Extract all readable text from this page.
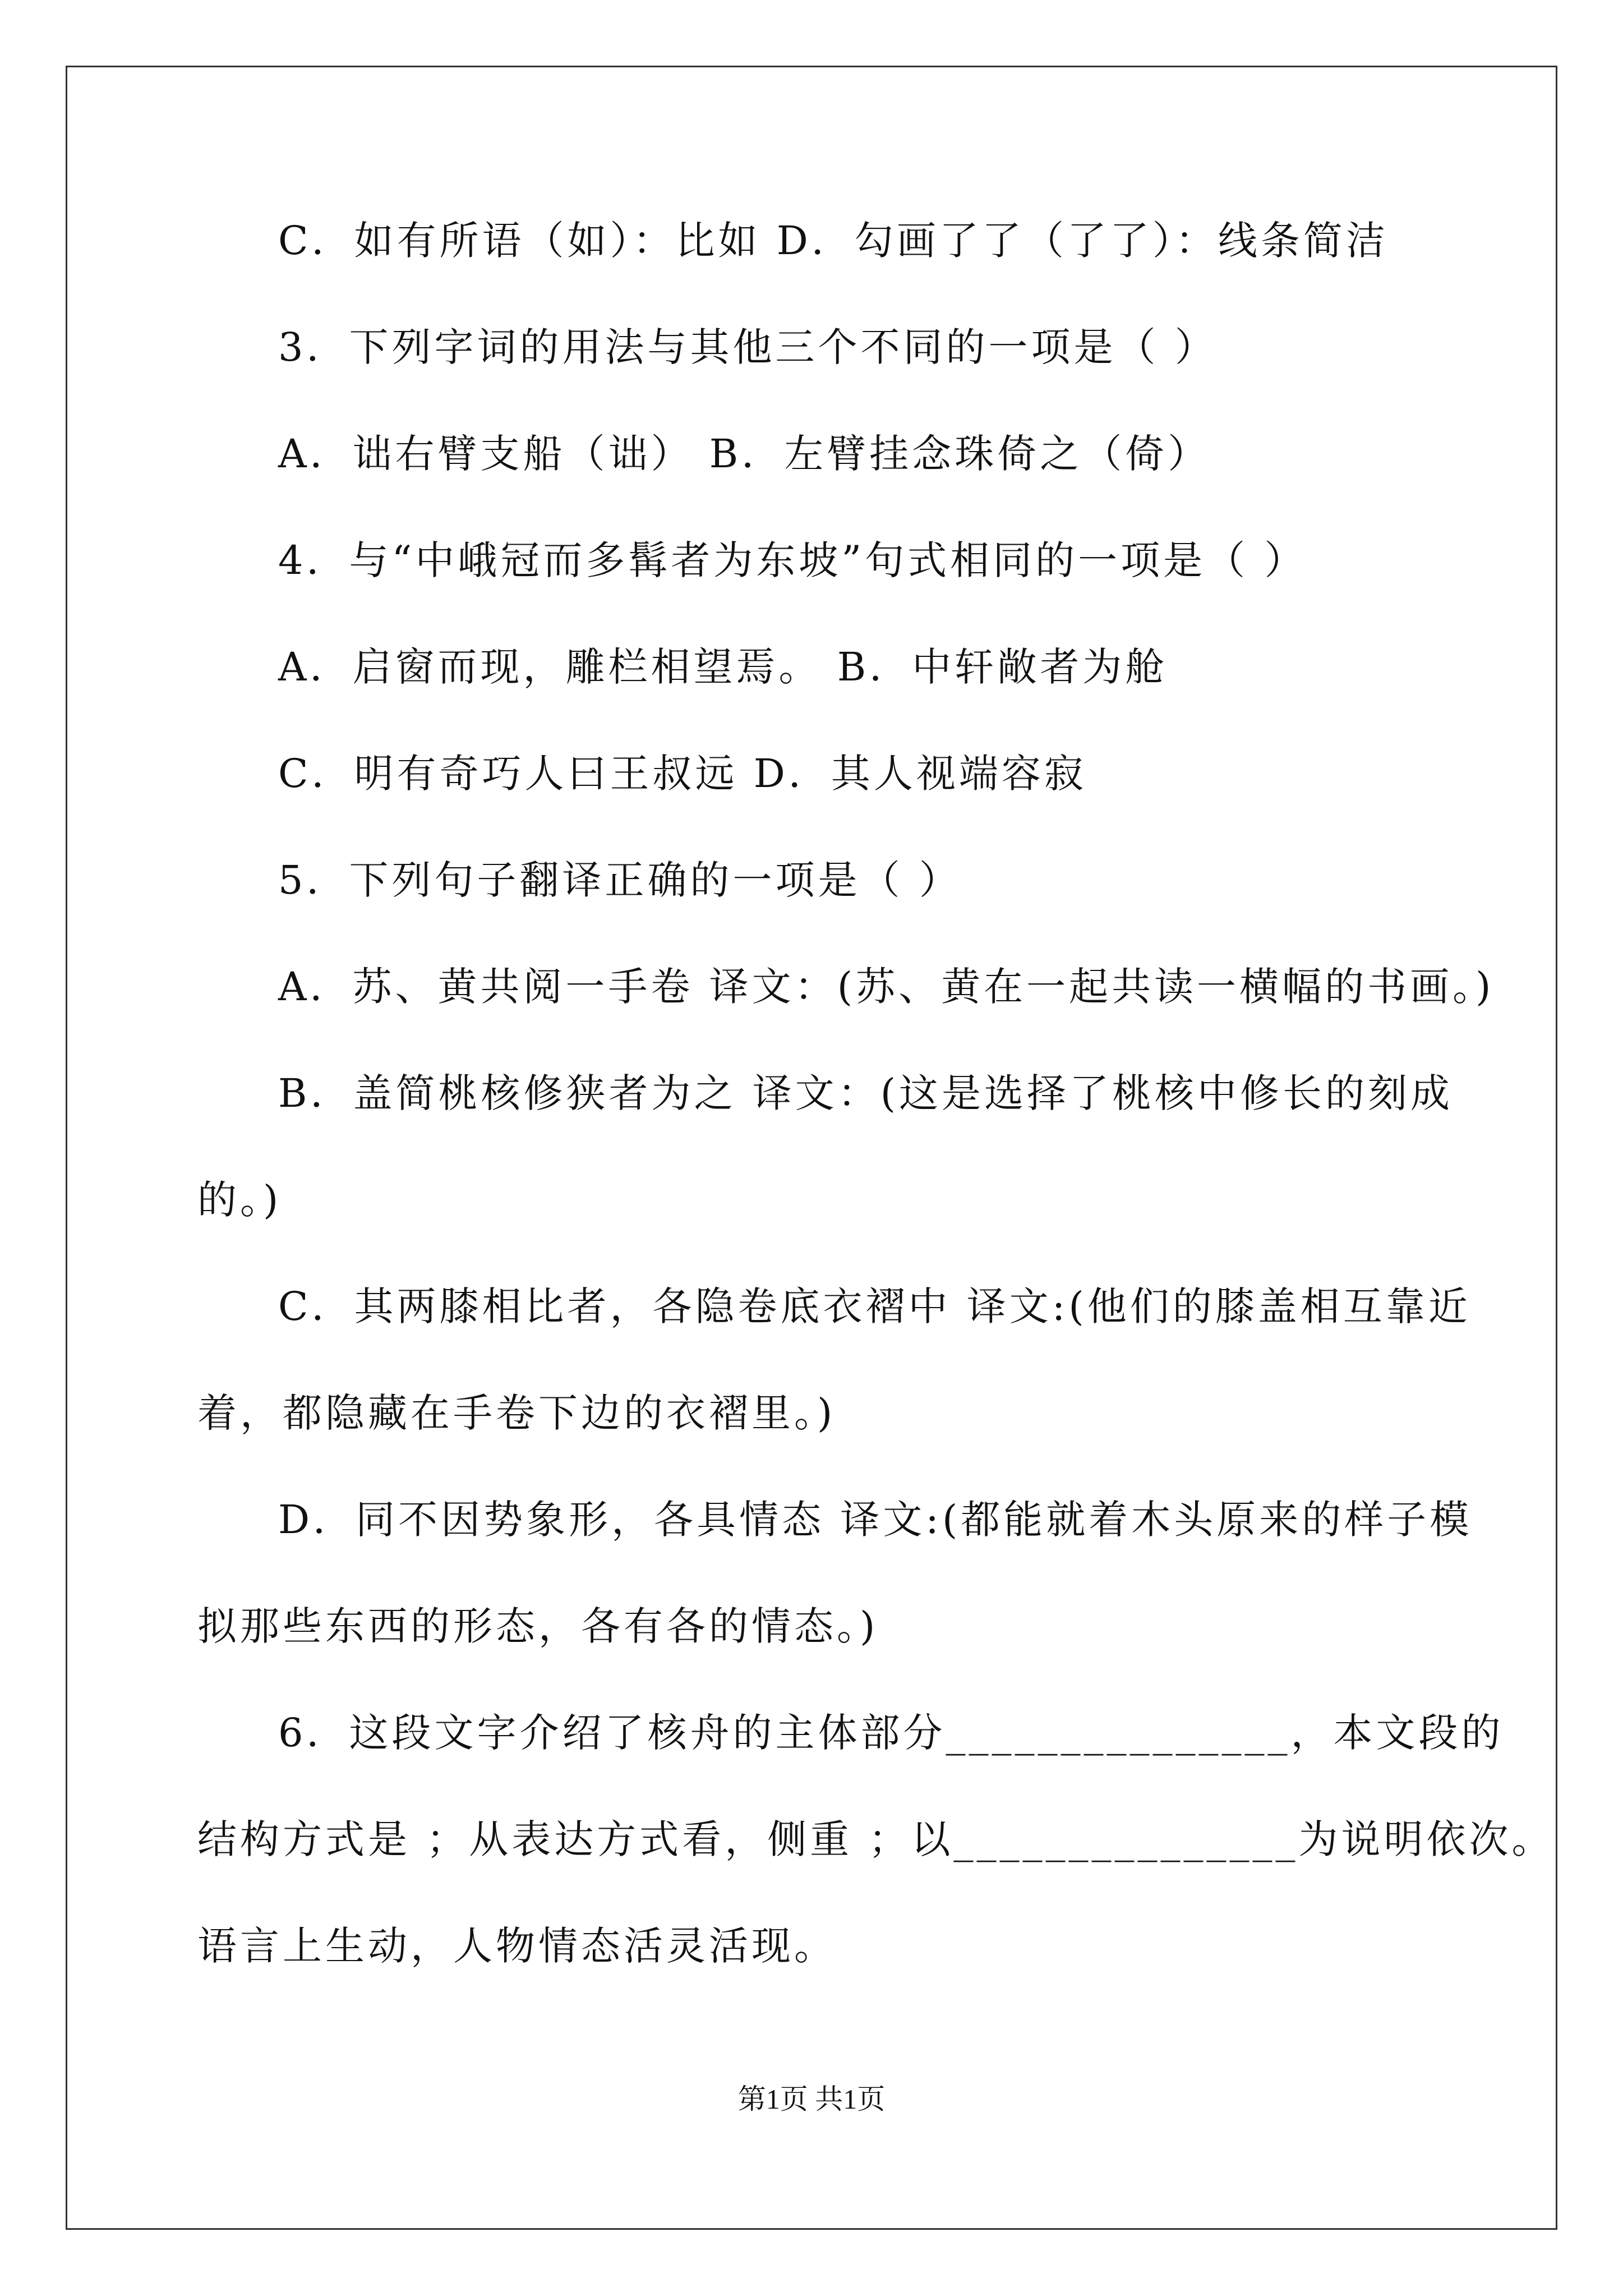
C．如有所语（如）：比如 D．勾画了了（了了）：线条简洁
3．下列字词的用法与其他三个不同的一项是（ ）
A．诎右臂支船（诎） B．左臂挂念珠倚之（倚）
4．与“中峨冠而多髯者为东坡”句式相同的一项是（ ）
A．启窗而现，雕栏相望焉。 B．中轩敞者为舱
C．明有奇巧人曰王叔远 D．其人视端容寂
5．下列句子翻译正确的一项是（ ）
A．苏、黄共阅一手卷 译文：(苏、黄在一起共读一横幅的书画。)
B．盖简桃核修狭者为之 译文：(这是选择了桃核中修长的刻成
的。)
C．其两膝相比者，各隐卷底衣褶中 译文:(他们的膝盖相互靠近
着，都隐藏在手卷下边的衣褶里。)
D．同不因势象形，各具情态 译文:(都能就着木头原来的样子模
拟那些东西的形态，各有各的情态。)
6．这段文字介绍了核舟的主体部分_______________，本文段的
结构方式是 ；从表达方式看，侧重 ；以_______________为说明依次。
语言上生动，人物情态活灵活现。
第1页 共1页
